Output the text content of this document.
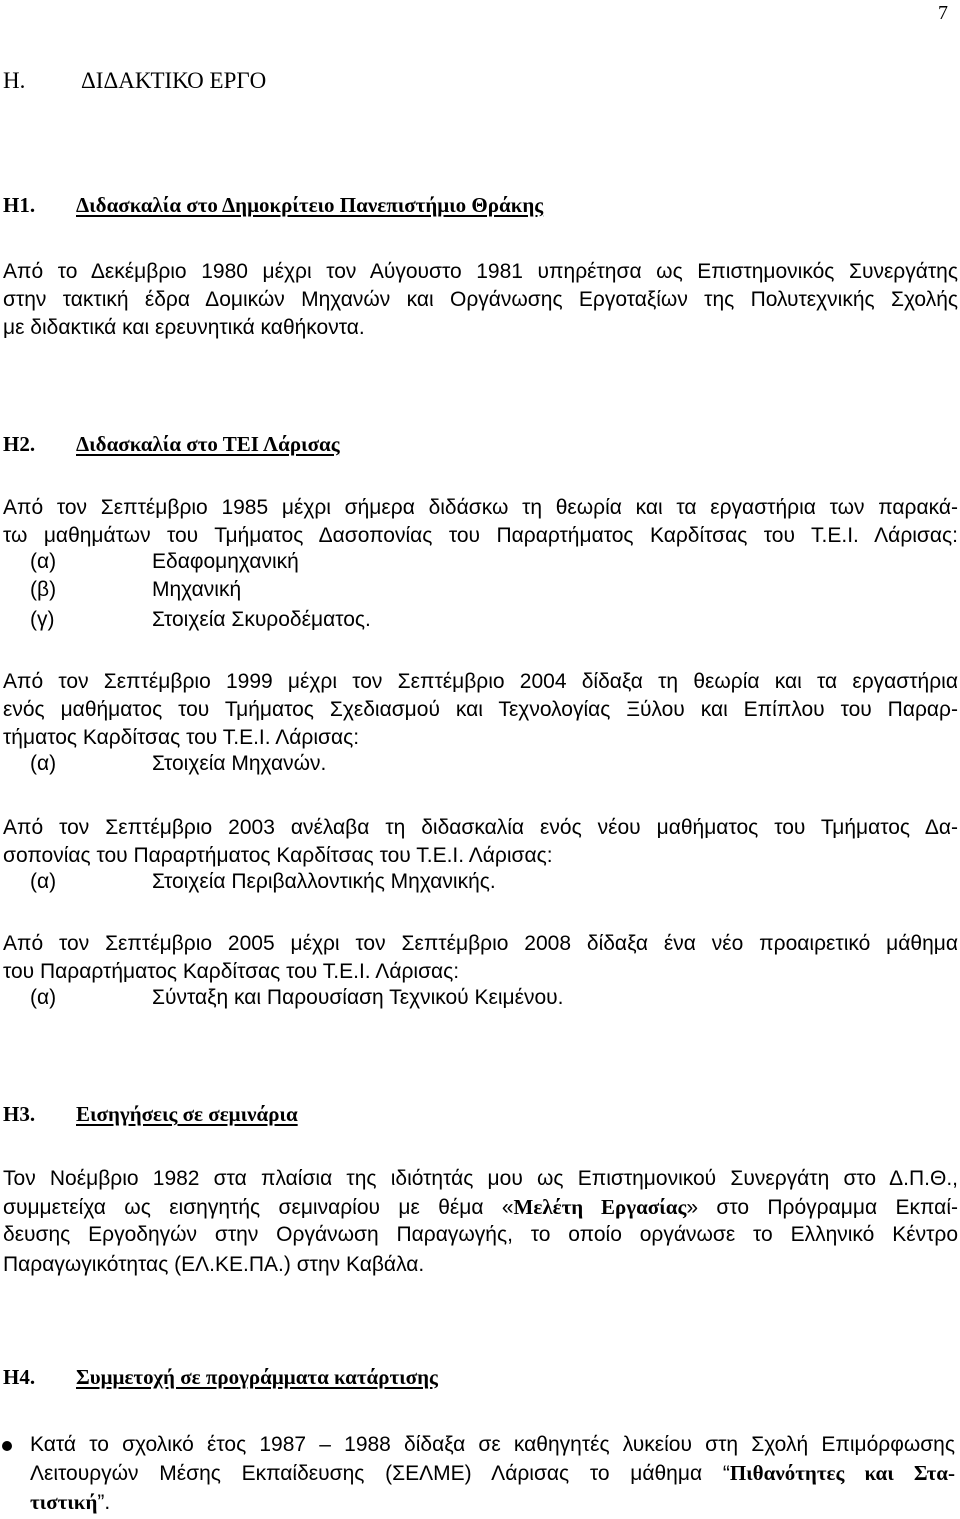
7
Η. ΔΙΔΑΚΤΙΚΟ ΕΡΓΟ
Η1. Διδασκαλία στο Δημοκρίτειο Πανεπιστήμιο Θράκης
Από το Δεκέμβριο 1980 μέχρι τον Αύγουστο 1981 υπηρέτησα ως Επιστημονικός Συνεργάτης
στην τακτική έδρα Δομικών Μηχανών και Οργάνωσης Εργοταξίων της Πολυτεχνικής Σχολής
με διδακτικά και ερευνητικά καθήκοντα.
Η2. Διδασκαλία στο ΤΕΙ Λάρισας
Από τον Σεπτέμβριο 1985 μέχρι σήμερα διδάσκω τη θεωρία και τα εργαστήρια των παρακά-
τω μαθημάτων του Τμήματος Δασοπονίας του Παραρτήματος Καρδίτσας του Τ.Ε.Ι. Λάρισας:
(α)	Εδαφομηχανική
(β)	Μηχανική
(γ)	Στοιχεία Σκυροδέματος.
Από τον Σεπτέμβριο 1999 μέχρι τον Σεπτέμβριο 2004 δίδαξα τη θεωρία και τα εργαστήρια
ενός μαθήματος του Τμήματος Σχεδιασμού και Τεχνολογίας Ξύλου και Επίπλου του Παραρ-
τήματος Καρδίτσας του Τ.Ε.Ι. Λάρισας:
(α)	Στοιχεία Μηχανών.
Από τον Σεπτέμβριο 2003 ανέλαβα τη διδασκαλία ενός νέου μαθήματος του Τμήματος Δα-
σοπονίας του Παραρτήματος Καρδίτσας του Τ.Ε.Ι. Λάρισας:
(α)	Στοιχεία Περιβαλλοντικής Μηχανικής.
Από τον Σεπτέμβριο 2005 μέχρι τον Σεπτέμβριο 2008 δίδαξα ένα νέο προαιρετικό μάθημα
του Παραρτήματος Καρδίτσας του Τ.Ε.Ι. Λάρισας:
(α)	Σύνταξη και Παρουσίαση Τεχνικού Κειμένου.
Η3. Εισηγήσεις σε σεμινάρια
Τον Νοέμβριο 1982 στα πλαίσια της ιδιότητάς μου ως Επιστημονικού Συνεργάτη στο Δ.Π.Θ.,
συμμετείχα ως εισηγητής σεμιναρίου με θέμα «Μελέτη Εργασίας» στο Πρόγραμμα Εκπαί-
δευσης Εργοδηγών στην Οργάνωση Παραγωγής, το οποίο οργάνωσε το Ελληνικό Κέντρο
Παραγωγικότητας (ΕΛ.ΚΕ.ΠΑ.) στην Καβάλα.
Η4. Συμμετοχή σε προγράμματα κατάρτισης
Κατά το σχολικό έτος 1987 – 1988 δίδαξα σε καθηγητές λυκείου στη Σχολή Επιμόρφωσης
Λειτουργών Μέσης Εκπαίδευσης (ΣΕΛΜΕ) Λάρισας το μάθημα “Πιθανότητες και Στα-
τιστική”.
